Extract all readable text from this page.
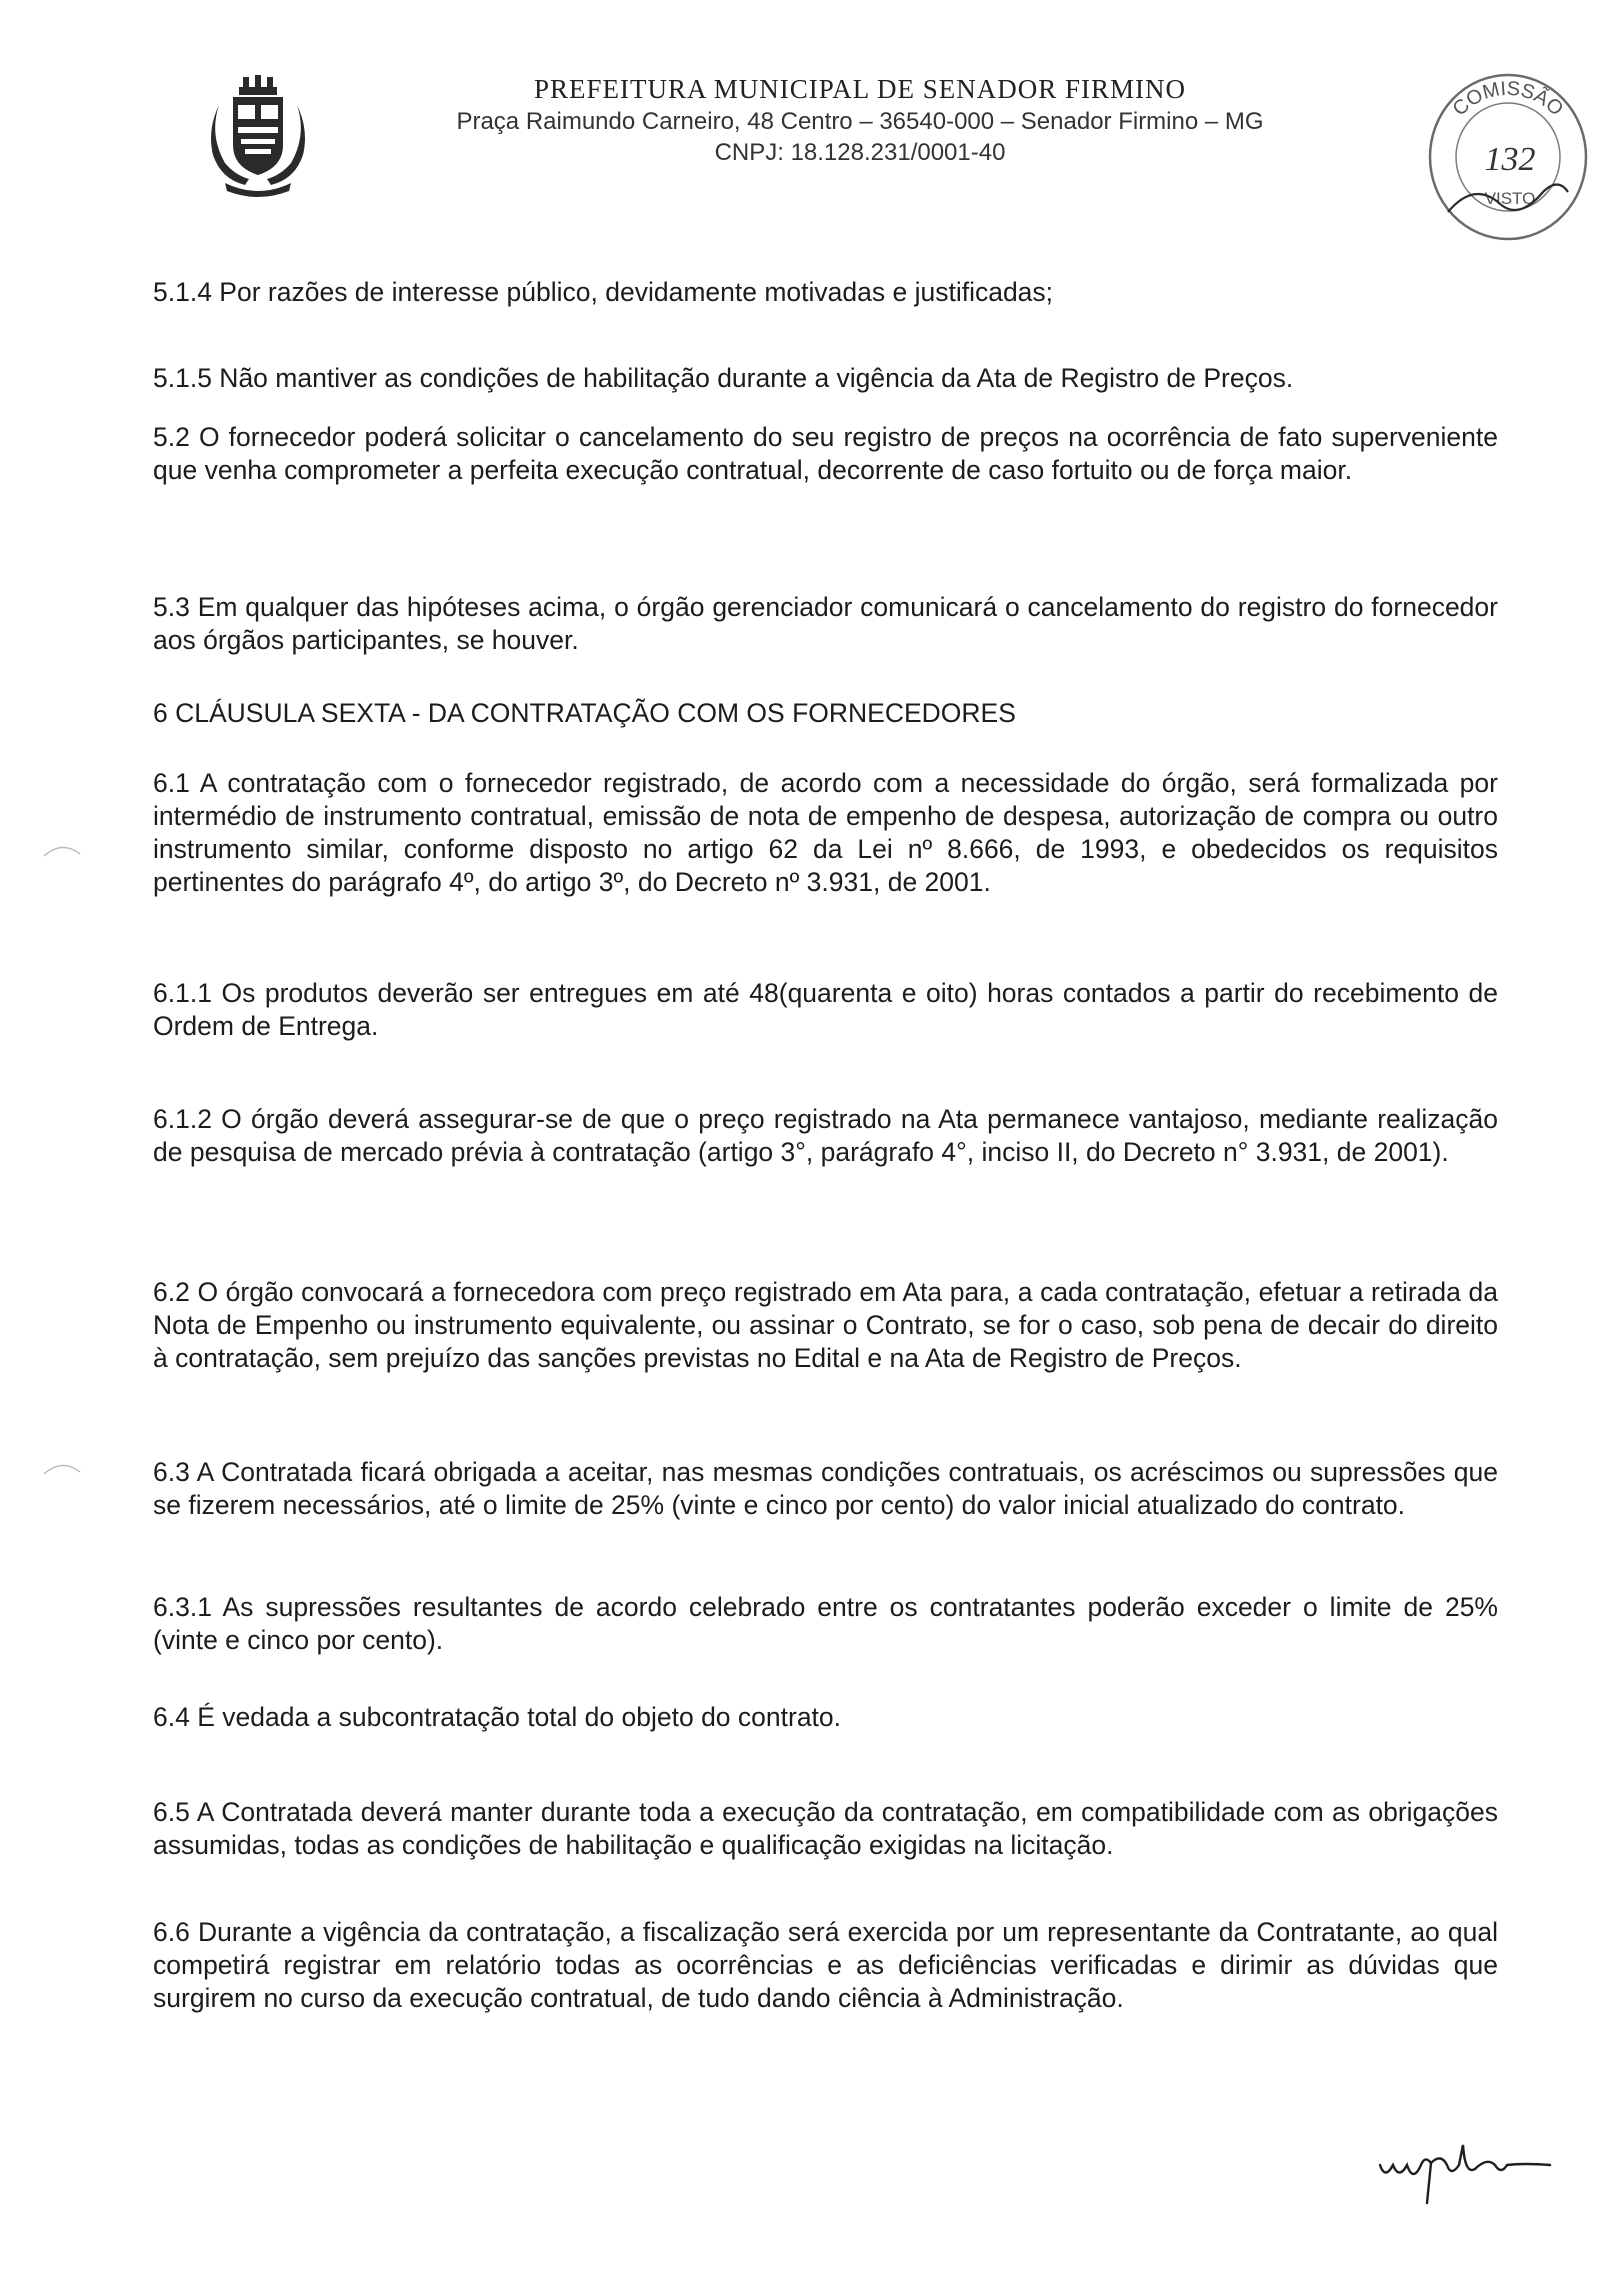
PREFEITURA MUNICIPAL DE SENADOR FIRMINO
Praça Raimundo Carneiro, 48 Centro – 36540-000 – Senador Firmino – MG
CNPJ: 18.128.231/0001-40
COMISSÃO
132
VISTO

5.1.4 Por razões de interesse público, devidamente motivadas e justificadas;

5.1.5 Não mantiver as condições de habilitação durante a vigência da Ata de Registro de Preços.

5.2 O fornecedor poderá solicitar o cancelamento do seu registro de preços na ocorrência de fato superveniente que venha comprometer a perfeita execução contratual, decorrente de caso fortuito ou de força maior.

5.3 Em qualquer das hipóteses acima, o órgão gerenciador comunicará o cancelamento do registro do fornecedor aos órgãos participantes, se houver.

6 CLÁUSULA SEXTA - DA CONTRATAÇÃO COM OS FORNECEDORES

6.1 A contratação com o fornecedor registrado, de acordo com a necessidade do órgão, será formalizada por intermédio de instrumento contratual, emissão de nota de empenho de despesa, autorização de compra ou outro instrumento similar, conforme disposto no artigo 62 da Lei nº 8.666, de 1993, e obedecidos os requisitos pertinentes do parágrafo 4º, do artigo 3º, do Decreto nº 3.931, de 2001.

6.1.1 Os produtos deverão ser entregues em até 48(quarenta e oito) horas contados a partir do recebimento de Ordem de Entrega.

6.1.2 O órgão deverá assegurar-se de que o preço registrado na Ata permanece vantajoso, mediante realização de pesquisa de mercado prévia à contratação (artigo 3°, parágrafo 4°, inciso II, do Decreto n° 3.931, de 2001).

6.2 O órgão convocará a fornecedora com preço registrado em Ata para, a cada contratação, efetuar a retirada da Nota de Empenho ou instrumento equivalente, ou assinar o Contrato, se for o caso, sob pena de decair do direito à contratação, sem prejuízo das sanções previstas no Edital e na Ata de Registro de Preços.

6.3 A Contratada ficará obrigada a aceitar, nas mesmas condições contratuais, os acréscimos ou supressões que se fizerem necessários, até o limite de 25% (vinte e cinco por cento) do valor inicial atualizado do contrato.

6.3.1 As supressões resultantes de acordo celebrado entre os contratantes poderão exceder o limite de 25% (vinte e cinco por cento).

6.4 É vedada a subcontratação total do objeto do contrato.

6.5 A Contratada deverá manter durante toda a execução da contratação, em compatibilidade com as obrigações assumidas, todas as condições de habilitação e qualificação exigidas na licitação.

6.6 Durante a vigência da contratação, a fiscalização será exercida por um representante da Contratante, ao qual competirá registrar em relatório todas as ocorrências e as deficiências verificadas e dirimir as dúvidas que surgirem no curso da execução contratual, de tudo dando ciência à Administração.
